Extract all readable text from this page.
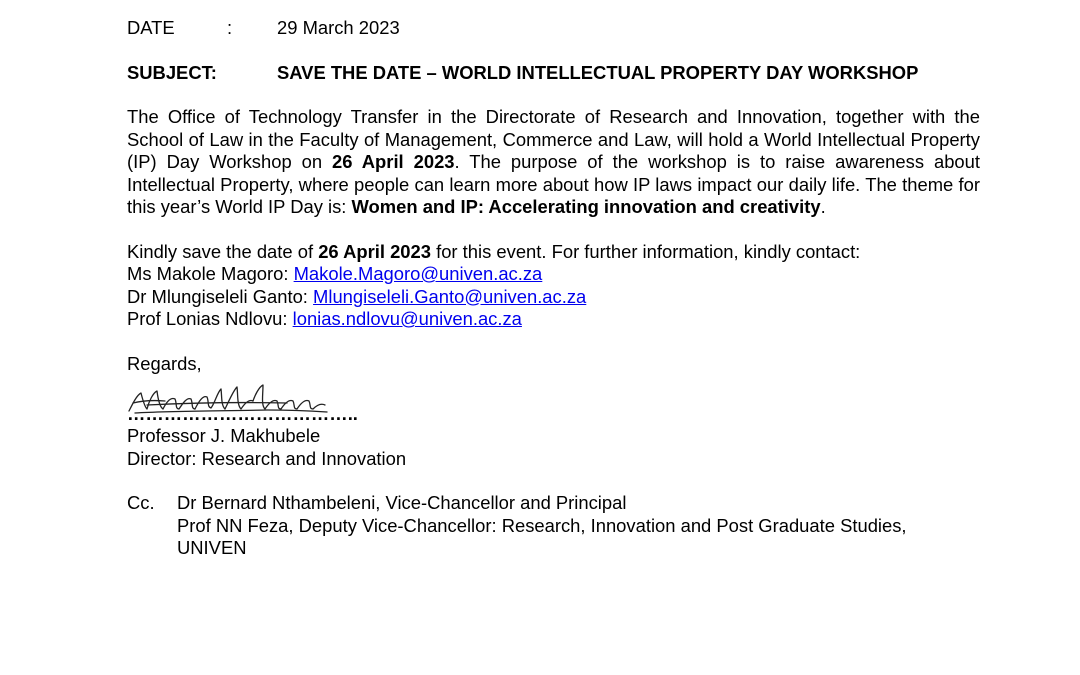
DATE	:	29 March 2023
SUBJECT:	SAVE THE DATE – WORLD INTELLECTUAL PROPERTY DAY WORKSHOP
The Office of Technology Transfer in the Directorate of Research and Innovation, together with the School of Law in the Faculty of Management, Commerce and Law, will hold a World Intellectual Property (IP) Day Workshop on 26 April 2023. The purpose of the workshop is to raise awareness about Intellectual Property, where people can learn more about how IP laws impact our daily life. The theme for this year’s World IP Day is: Women and IP: Accelerating innovation and creativity.
Kindly save the date of 26 April 2023 for this event. For further information, kindly contact:
Ms Makole Magoro: Makole.Magoro@univen.ac.za
Dr Mlungiseleli Ganto: Mlungiseleli.Ganto@univen.ac.za
Prof Lonias Ndlovu: lonias.ndlovu@univen.ac.za
Regards,
………………………………..
Professor J. Makhubele
Director: Research and Innovation
Cc.	Dr Bernard Nthambeleni, Vice-Chancellor and Principal
Prof NN Feza, Deputy Vice-Chancellor: Research, Innovation and Post Graduate Studies,
UNIVEN
